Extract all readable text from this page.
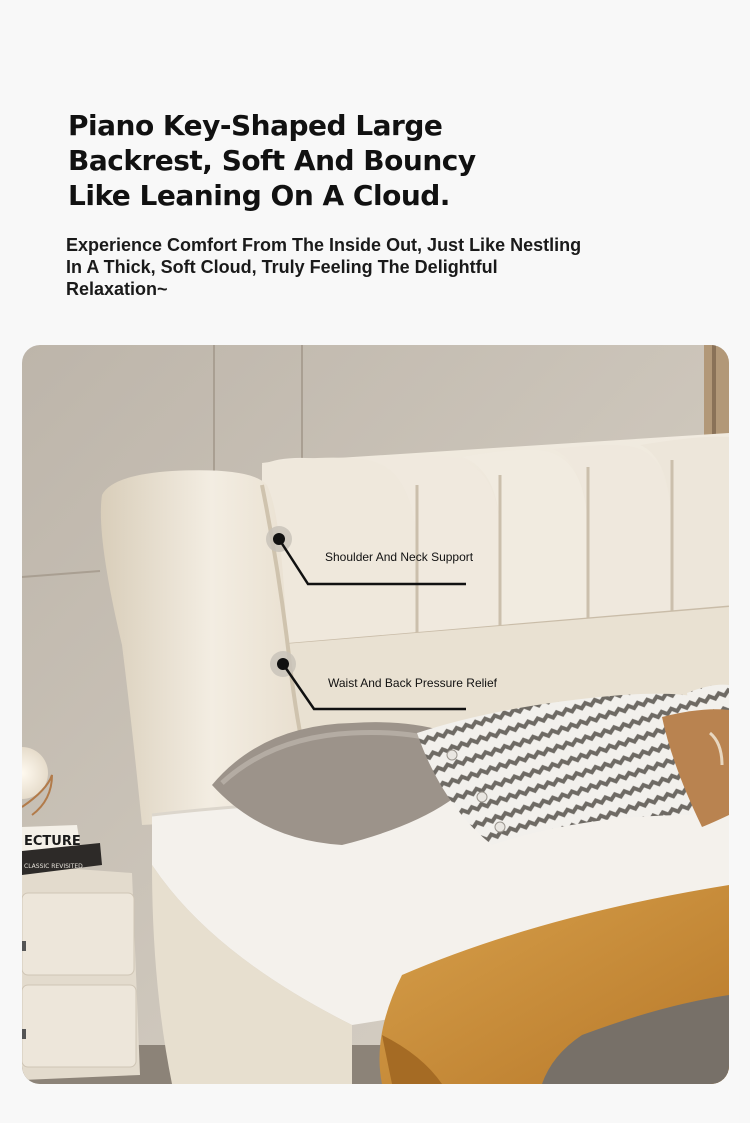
Piano Key-Shaped Large
Backrest, Soft And Bouncy
Like Leaning On A Cloud.

Experience Comfort From The Inside Out, Just Like Nestling
In A Thick, Soft Cloud, Truly Feeling The Delightful
Relaxation~

ECTURE
CLASSIC REVISITED
Shoulder And Neck Support
Waist And Back Pressure Relief
